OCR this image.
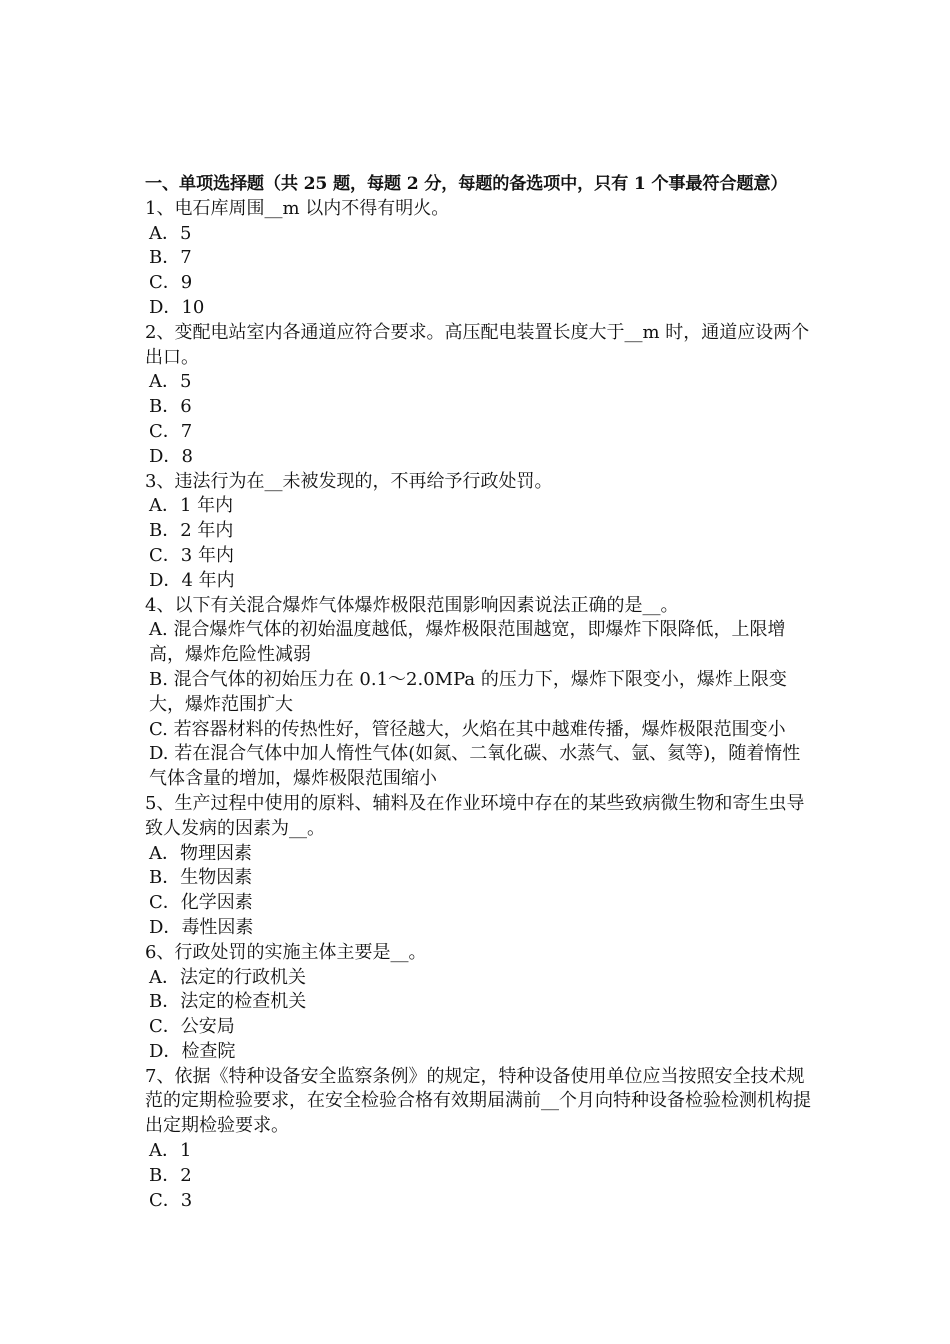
一、单项选择题（共 25 题，每题 2 分，每题的备选项中，只有 1 个事最符合题意）

1、电石库周围__m 以内不得有明火。

A．5

B．7

C．9

D．10

2、变配电站室内各通道应符合要求。高压配电装置长度大于__m 时，通道应设两个出口。

A．5

B．6

C．7

D．8

3、违法行为在__未被发现的，不再给予行政处罚。

A．1 年内

B．2 年内

C．3 年内

D．4 年内

4、以下有关混合爆炸气体爆炸极限范围影响因素说法正确的是__。

A. 混合爆炸气体的初始温度越低，爆炸极限范围越宽，即爆炸下限降低，上限增高，爆炸危险性减弱

B. 混合气体的初始压力在 0.1～2.0MPa 的压力下，爆炸下限变小，爆炸上限变大，爆炸范围扩大

C. 若容器材料的传热性好，管径越大，火焰在其中越难传播，爆炸极限范围变小

D. 若在混合气体中加人惰性气体(如氮、二氧化碳、水蒸气、氩、氦等)，随着惰性气体含量的增加，爆炸极限范围缩小

5、生产过程中使用的原料、辅料及在作业环境中存在的某些致病微生物和寄生虫导致人发病的因素为__。

A．物理因素

B．生物因素

C．化学因素

D．毒性因素

6、行政处罚的实施主体主要是__。

A．法定的行政机关

B．法定的检查机关

C．公安局

D．检查院

7、依据《特种设备安全监察条例》的规定，特种设备使用单位应当按照安全技术规范的定期检验要求，在安全检验合格有效期届满前__个月向特种设备检验检测机构提出定期检验要求。

A．1

B．2

C．3
